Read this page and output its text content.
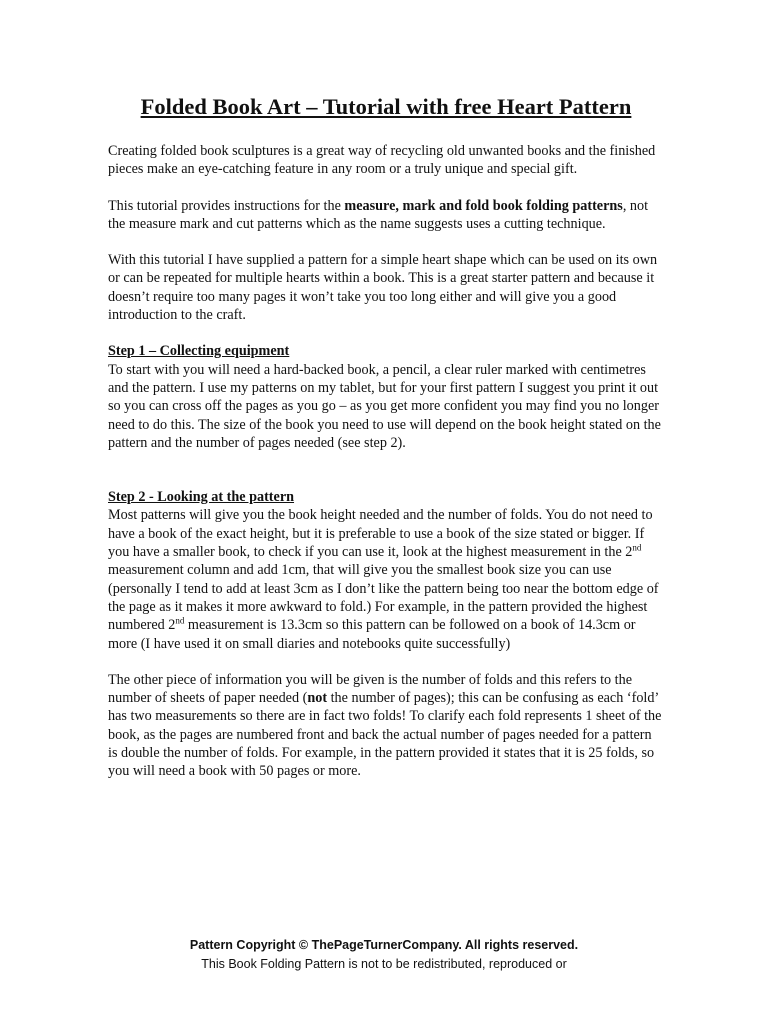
Folded Book Art – Tutorial with free Heart Pattern

Creating folded book sculptures is a great way of recycling old unwanted books and the finished pieces make an eye-catching feature in any room or a truly unique and special gift.

This tutorial provides instructions for the measure, mark and fold book folding patterns, not the measure mark and cut patterns which as the name suggests uses a cutting technique.

With this tutorial I have supplied a pattern for a simple heart shape which can be used on its own or can be repeated for multiple hearts within a book. This is a great starter pattern and because it doesn’t require too many pages it won’t take you too long either and will give you a good introduction to the craft.

Step 1 – Collecting equipment
To start with you will need a hard-backed book, a pencil, a clear ruler marked with centimetres and the pattern. I use my patterns on my tablet, but for your first pattern I suggest you print it out so you can cross off the pages as you go – as you get more confident you may find you no longer need to do this. The size of the book you need to use will depend on the book height stated on the pattern and the number of pages needed (see step 2).

Step 2 - Looking at the pattern
Most patterns will give you the book height needed and the number of folds. You do not need to have a book of the exact height, but it is preferable to use a book of the size stated or bigger. If you have a smaller book, to check if you can use it, look at the highest measurement in the 2nd measurement column and add 1cm, that will give you the smallest book size you can use (personally I tend to add at least 3cm as I don’t like the pattern being too near the bottom edge of the page as it makes it more awkward to fold.) For example, in the pattern provided the highest numbered 2nd measurement is 13.3cm so this pattern can be followed on a book of 14.3cm or more (I have used it on small diaries and notebooks quite successfully)

The other piece of information you will be given is the number of folds and this refers to the number of sheets of paper needed (not the number of pages); this can be confusing as each ‘fold’ has two measurements so there are in fact two folds! To clarify each fold represents 1 sheet of the book, as the pages are numbered front and back the actual number of pages needed for a pattern is double the number of folds. For example, in the pattern provided it states that it is 25 folds, so you will need a book with 50 pages or more.

Pattern Copyright © ThePageTurnerCompany. All rights reserved.
This Book Folding Pattern is not to be redistributed, reproduced or
